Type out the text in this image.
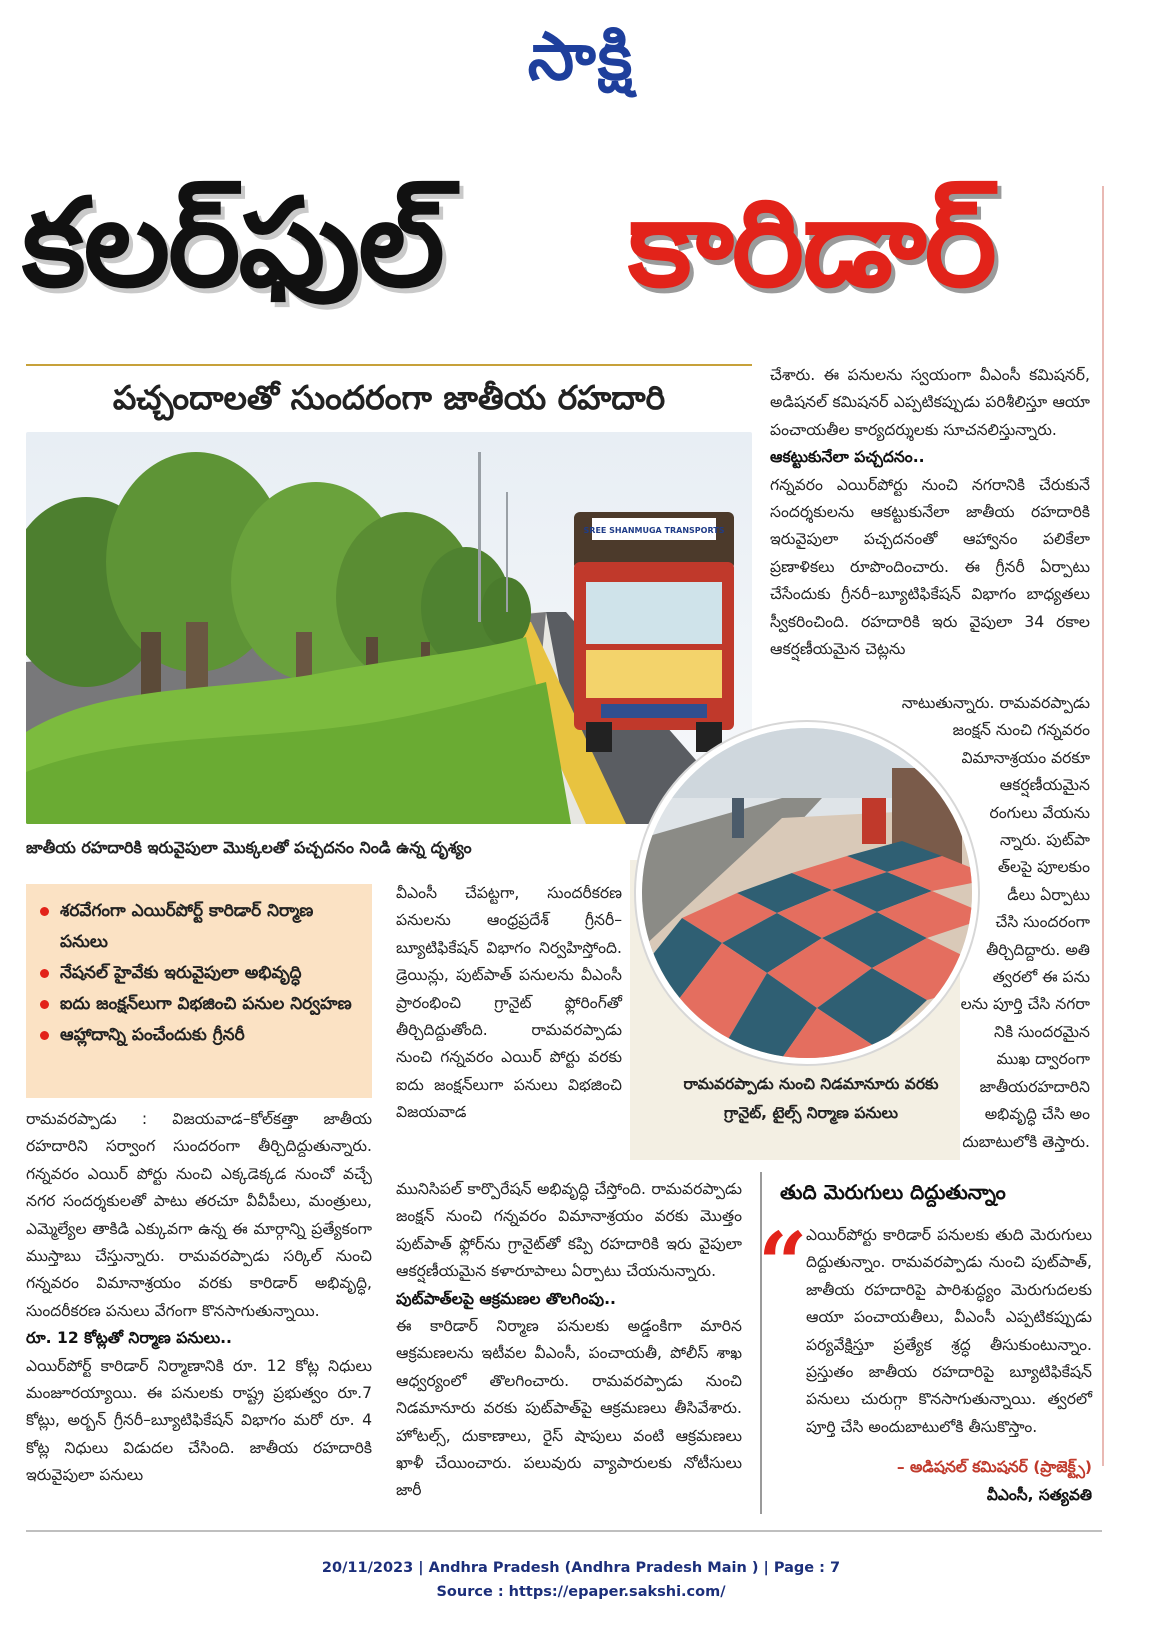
సాక్షి
కలర్‌ఫుల్ కారిడార్
పచ్చందాలతో సుందరంగా జాతీయ రహదారి
SREE SHANMUGA TRANSPORTS
జాతీయ రహదారికి ఇరువైపులా మొక్కలతో పచ్చదనం నిండి ఉన్న దృశ్యం
రామవరప్పాడు నుంచి నిడమానూరు వరకు గ్రానైట్‌, టైల్స్‌ నిర్మాణ పనులు
శరవేగంగా ఎయిర్‌పోర్ట్‌ కారిడార్‌ నిర్మాణ పనులు
నేషనల్‌ హైవేకు ఇరువైపులా అభివృద్ధి
ఐదు జంక్షన్‌లుగా విభజించి పనుల నిర్వహణ
ఆహ్లాదాన్ని పంచేందుకు గ్రీనరీ

రామవరప్పాడు : విజయవాడ–కోల్‌కత్తా జాతీయ రహదారిని సర్వాంగ సుందరంగా తీర్చిదిద్దుతున్నారు. గన్నవరం ఎయిర్‌ పోర్టు నుంచి ఎక్కడెక్కడ నుంచో వచ్చే నగర సందర్శకులతో పాటు తరచూ వీవీపీలు, మంత్రులు, ఎమ్మెల్యేల తాకిడి ఎక్కువగా ఉన్న ఈ మార్గాన్ని ప్రత్యేకంగా ముస్తాబు చేస్తున్నారు. రామవరప్పాడు సర్కిల్‌ నుంచి గన్నవరం విమానాశ్రయం వరకు కారిడార్‌ అభివృద్ధి, సుందరీకరణ పనులు వేగంగా కొనసాగుతున్నాయి.

రూ. 12 కోట్లతో నిర్మాణ పనులు..

ఎయిర్‌పోర్ట్‌ కారిడార్‌ నిర్మాణానికి రూ. 12 కోట్ల నిధులు మంజూరయ్యాయి. ఈ పనులకు రాష్ట్ర ప్రభుత్వం రూ.7 కోట్లు, అర్బన్‌ గ్రీనరీ–బ్యూటిఫికేషన్‌ విభాగం మరో రూ. 4 కోట్ల నిధులు విడుదల చేసింది. జాతీయ రహదారికి ఇరువైపులా పనులు

వీఎంసీ చేపట్టగా, సుందరీకరణ పనులను ఆంధ్రప్రదేశ్‌ గ్రీనరీ–బ్యూటిఫికేషన్‌ విభాగం నిర్వహిస్తోంది. డ్రెయిన్లు, పుట్‌పాత్‌ పనులను వీఎంసీ ప్రారంభించి గ్రానైట్‌ ఫ్లోరింగ్‌తో తీర్చిదిద్దుతోంది. రామవరప్పాడు నుంచి గన్నవరం ఎయిర్‌ పోర్టు వరకు ఐదు జంక్షన్‌లుగా పనులు విభజించి విజయవాడ

మునిసిపల్‌ కార్పొరేషన్‌ అభివృద్ధి చేస్తోంది. రామవరప్పాడు జంక్షన్‌ నుంచి గన్నవరం విమానాశ్రయం వరకు మొత్తం పుట్‌పాత్‌ ఫ్లోర్‌ను గ్రానైట్‌తో కప్పి రహదారికి ఇరు వైపులా ఆకర్షణీయమైన కళారూపాలు ఏర్పాటు చేయనున్నారు.

పుట్‌పాత్‌లపై ఆక్రమణల తొలగింపు..

ఈ కారిడార్‌ నిర్మాణ పనులకు అడ్డంకిగా మారిన ఆక్రమణలను ఇటీవల వీఎంసీ, పంచాయతీ, పోలీస్‌ శాఖ ఆధ్వర్యంలో తొలగించారు. రామవరప్పాడు నుంచి నిడమానూరు వరకు పుట్‌పాత్‌పై ఆక్రమణలు తీసివేశారు. హోటల్స్‌, దుకాణాలు, రైస్‌ షాపులు వంటి ఆక్రమణలు ఖాళీ చేయించారు. పలువురు వ్యాపారులకు నోటీసులు జారీ

చేశారు. ఈ పనులను స్వయంగా వీఎంసీ కమిషనర్‌, అడిషనల్‌ కమిషనర్‌ ఎప్పటికప్పుడు పరిశీలిస్తూ ఆయా పంచాయతీల కార్యదర్శులకు సూచనలిస్తున్నారు.

ఆకట్టుకునేలా పచ్చదనం..

గన్నవరం ఎయిర్‌పోర్టు నుంచి నగరానికి చేరుకునే సందర్శకులను ఆకట్టుకునేలా జాతీయ రహదారికి ఇరువైపులా పచ్చదనంతో ఆహ్వానం పలికేలా ప్రణాళికలు రూపొందించారు. ఈ గ్రీనరీ ఏర్పాటు చేసేందుకు గ్రీనరీ–బ్యూటిఫికేషన్‌ విభాగం బాధ్యతలు స్వీకరించింది. రహదారికి ఇరు వైపులా 34 రకాల ఆకర్షణీయమైన చెట్లను

నాటుతున్నారు. రామవరప్పాడు
జంక్షన్‌ నుంచి గన్నవరం
విమానాశ్రయం వరకూ
ఆకర్షణీయమైన
రంగులు వేయను
న్నారు. పుట్‌పా
త్‌లపై పూలకుం
డీలు ఏర్పాటు
చేసి సుందరంగా
తీర్చిదిద్దారు. అతి
త్వరలో ఈ పను
లను పూర్తి చేసి నగరా
నికి సుందరమైన
ముఖ ద్వారంగా
జాతీయరహదారిని
అభివృద్ధి చేసి అం
దుబాటులోకి తెస్తారు.
తుది మెరుగులు దిద్దుతున్నాం
“
ఎయిర్‌పోర్టు కారిడార్‌ పనులకు తుది మెరుగులు దిద్దుతున్నాం. రామవరప్పాడు నుంచి పుట్‌పాత్‌, జాతీయ రహదారిపై పారిశుద్ధ్యం మెరుగుదలకు ఆయా పంచాయతీలు, వీఎంసీ ఎప్పటికప్పుడు పర్యవేక్షిస్తూ ప్రత్యేక శ్రద్ధ తీసుకుంటున్నాం. ప్రస్తుతం జాతీయ రహదారిపై బ్యూటిఫికేషన్‌ పనులు చురుగ్గా కొనసాగుతున్నాయి. త్వరలో పూర్తి చేసి అందుబాటులోకి తీసుకొస్తాం.
– అడిషనల్‌ కమిషనర్‌ (ప్రాజెక్ట్స్‌)
వీఎంసీ, సత్యవతి
20/11/2023 | Andhra Pradesh (Andhra Pradesh Main ) | Page : 7
Source : https://epaper.sakshi.com/
